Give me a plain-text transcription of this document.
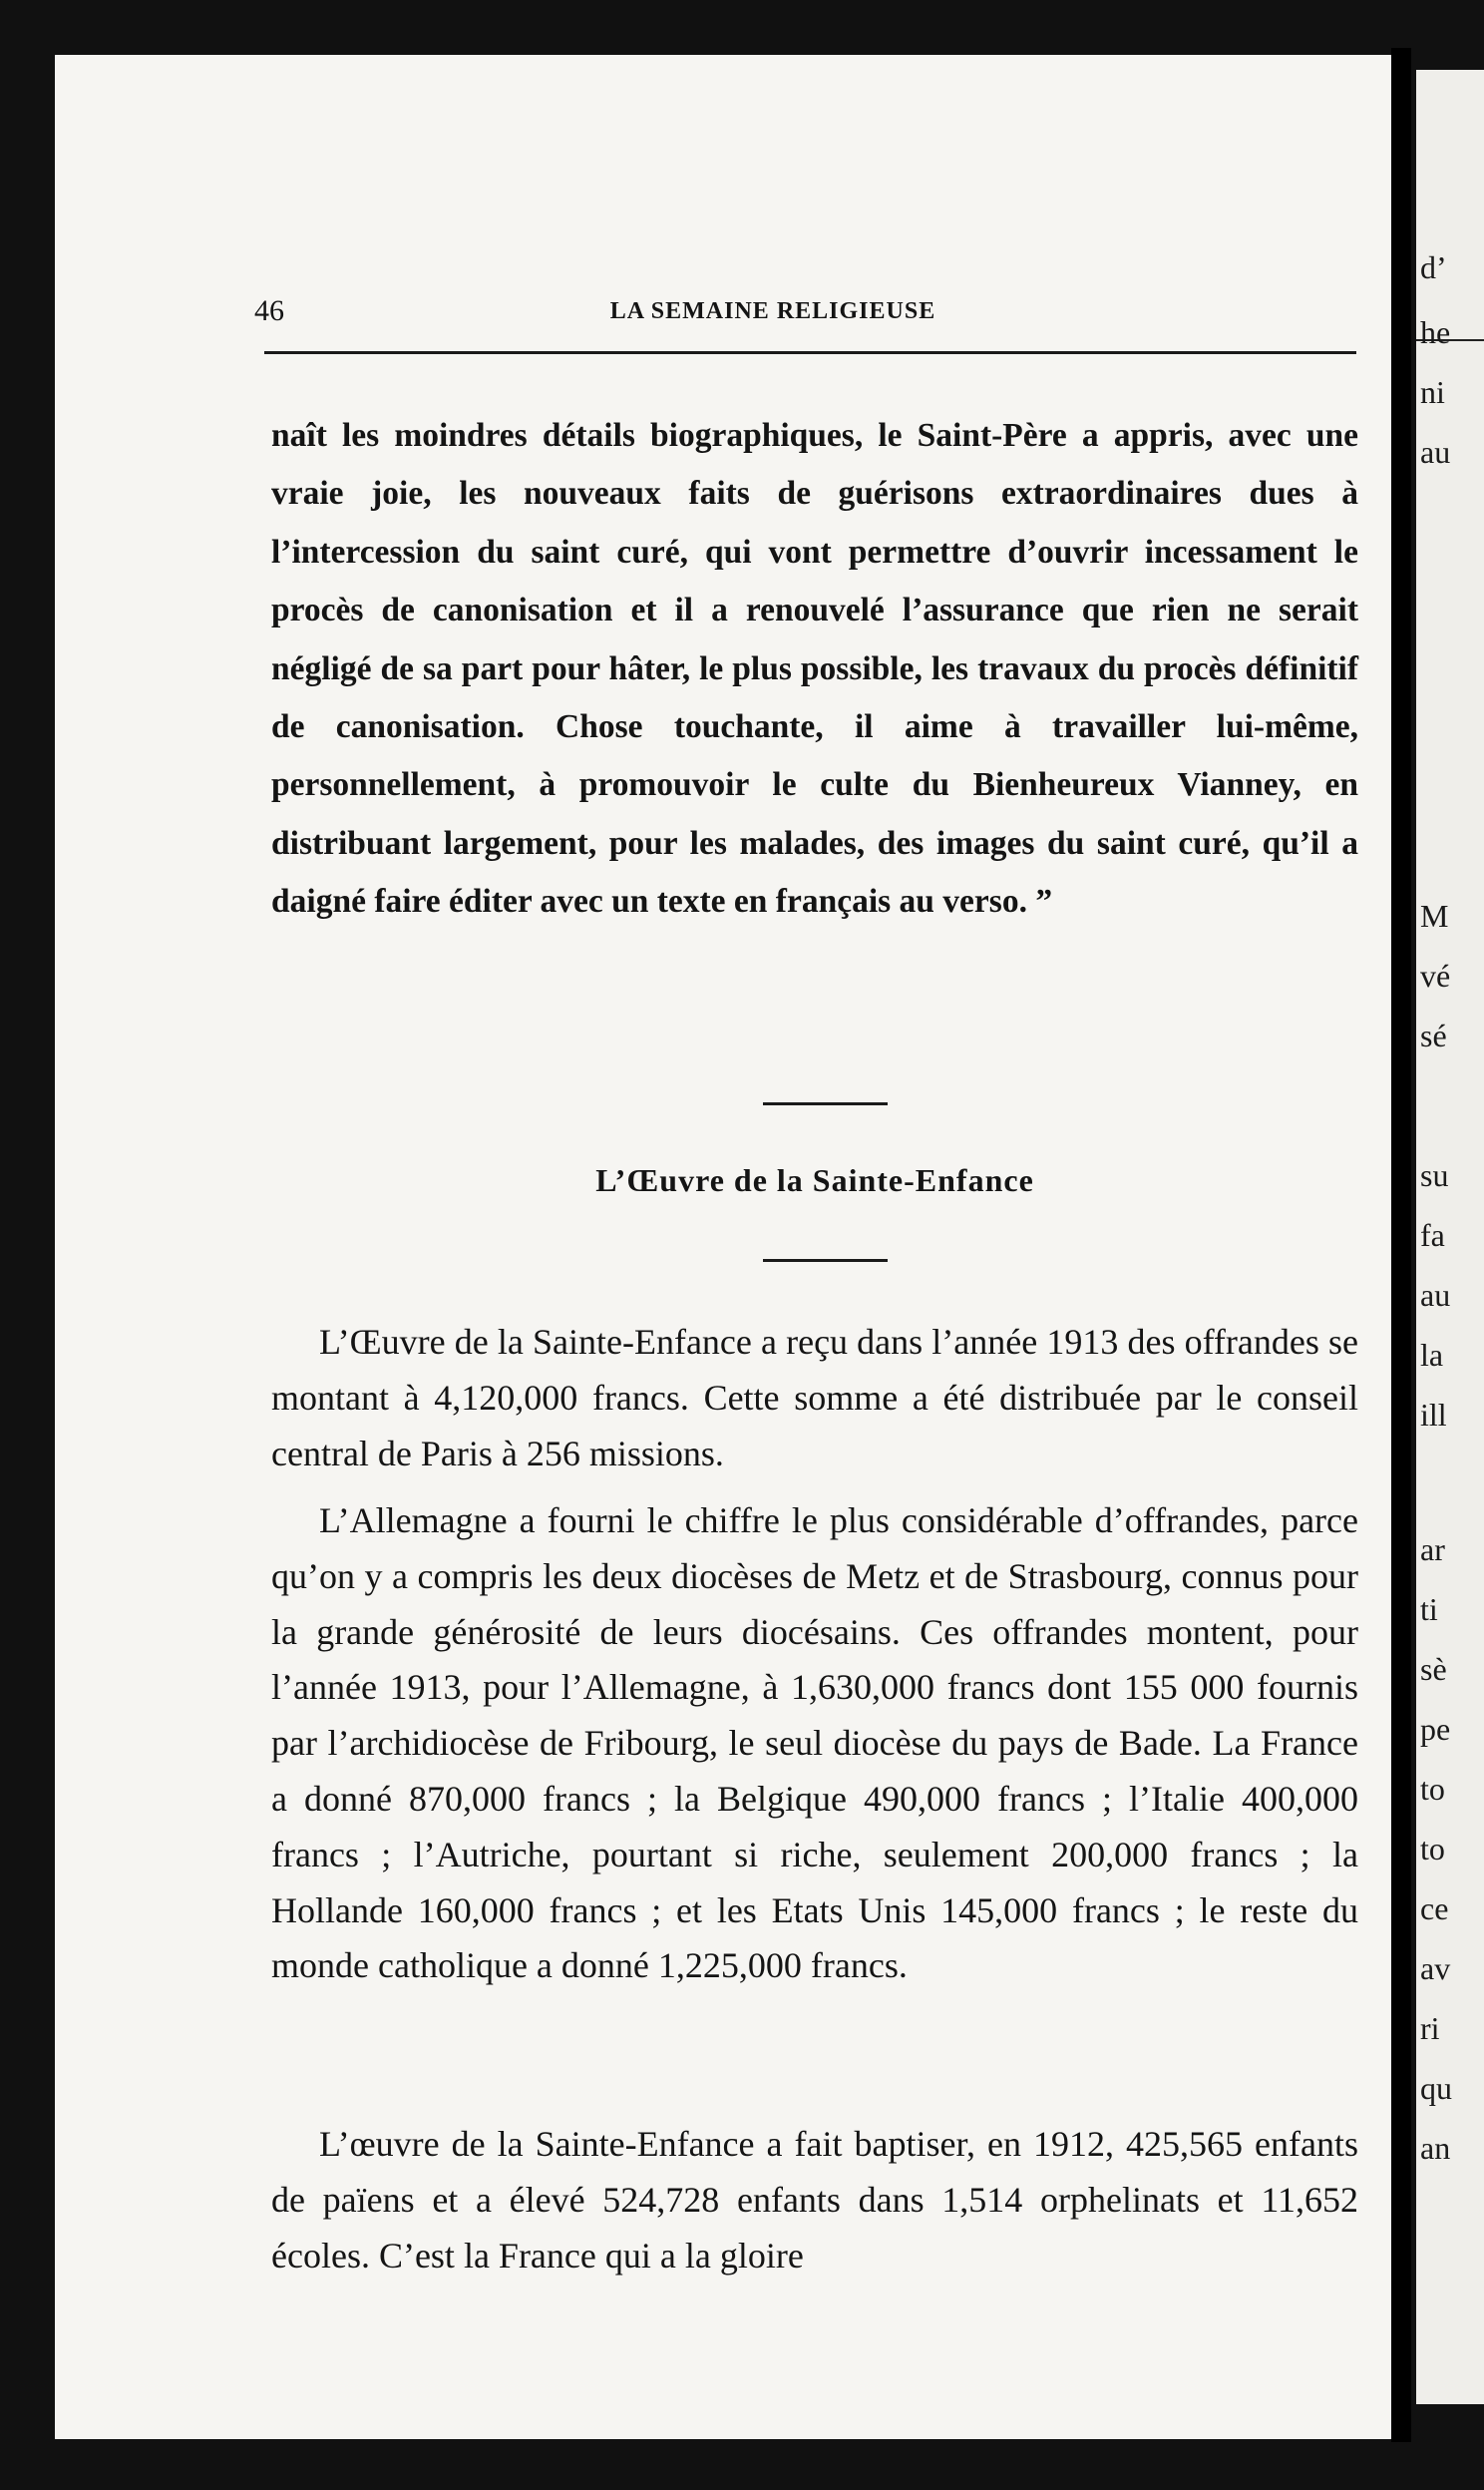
d’
he
ni
au
M
vé
sé
su
fa
au
la
ill
ar
ti
sè
pe
to
to
ce
av
ri
qu
an
46	LA SEMAINE RELIGIEUSE
naît les moindres détails biographiques, le Saint-Père a appris, avec une vraie joie, les nouveaux faits de guérisons extraordinaires dues à l’intercession du saint curé, qui vont permettre d’ouvrir incessament le procès de canonisation et il a renouvelé l’assurance que rien ne serait négligé de sa part pour hâter, le plus possible, les travaux du procès définitif de canonisation. Chose touchante, il aime à travailler lui-même, personnellement, à promouvoir le culte du Bienheureux Vianney, en distribuant largement, pour les malades, des images du saint curé, qu’il a daigné faire éditer avec un texte en français au verso. ”
L’Œuvre de la Sainte-Enfance

L’Œuvre de la Sainte-Enfance a reçu dans l’année 1913 des offrandes se montant à 4,120,000 francs. Cette somme a été distribuée par le conseil central de Paris à 256 missions.

L’Allemagne a fourni le chiffre le plus considérable d’offrandes, parce qu’on y a compris les deux diocèses de Metz et de Strasbourg, connus pour la grande générosité de leurs diocésains. Ces offrandes montent, pour l’année 1913, pour l’Allemagne, à 1,630,000 francs dont 155 000 fournis par l’archidiocèse de Fribourg, le seul diocèse du pays de Bade. La France a donné 870,000 francs ; la Belgique 490,000 francs ; l’Italie 400,000 francs ; l’Autriche, pourtant si riche, seulement 200,000 francs ; la Hollande 160,000 francs ; et les Etats Unis 145,000 francs ; le reste du monde catholique a donné 1,225,000 francs.

L’œuvre de la Sainte-Enfance a fait baptiser, en 1912, 425,565 enfants de païens et a élevé 524,728 enfants dans 1,514 orphelinats et 11,652 écoles. C’est la France qui a la gloire
